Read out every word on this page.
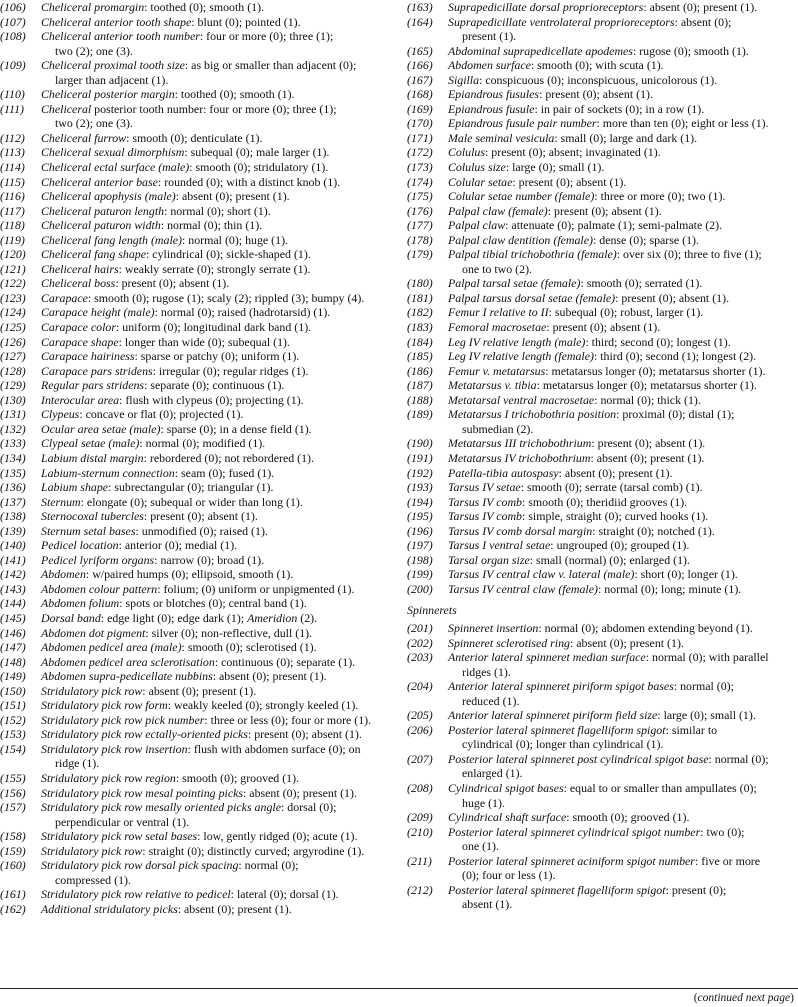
(106) Cheliceral promargin: toothed (0); smooth (1).
(107) Cheliceral anterior tooth shape: blunt (0); pointed (1).
(108) Cheliceral anterior tooth number: four or more (0); three (1);
two (2); one (3).
(109) Cheliceral proximal tooth size: as big or smaller than adjacent (0);
larger than adjacent (1).
(110) Cheliceral posterior margin: toothed (0); smooth (1).
(111) Cheliceral posterior tooth number: four or more (0); three (1);
two (2); one (3).
(112) Cheliceral furrow: smooth (0); denticulate (1).
(113) Cheliceral sexual dimorphism: subequal (0); male larger (1).
(114) Cheliceral ectal surface (male): smooth (0); stridulatory (1).
(115) Cheliceral anterior base: rounded (0); with a distinct knob (1).
(116) Cheliceral apophysis (male): absent (0); present (1).
(117) Cheliceral paturon length: normal (0); short (1).
(118) Cheliceral paturon width: normal (0); thin (1).
(119) Cheliceral fang length (male): normal (0); huge (1).
(120) Cheliceral fang shape: cylindrical (0); sickle-shaped (1).
(121) Cheliceral hairs: weakly serrate (0); strongly serrate (1).
(122) Cheliceral boss: present (0); absent (1).
(123) Carapace: smooth (0); rugose (1); scaly (2); rippled (3); bumpy (4).
(124) Carapace height (male): normal (0); raised (hadrotarsid) (1).
(125) Carapace color: uniform (0); longitudinal dark band (1).
(126) Carapace shape: longer than wide (0); subequal (1).
(127) Carapace hairiness: sparse or patchy (0); uniform (1).
(128) Carapace pars stridens: irregular (0); regular ridges (1).
(129) Regular pars stridens: separate (0); continuous (1).
(130) Interocular area: flush with clypeus (0); projecting (1).
(131) Clypeus: concave or flat (0); projected (1).
(132) Ocular area setae (male): sparse (0); in a dense field (1).
(133) Clypeal setae (male): normal (0); modified (1).
(134) Labium distal margin: rebordered (0); not rebordered (1).
(135) Labium-sternum connection: seam (0); fused (1).
(136) Labium shape: subrectangular (0); triangular (1).
(137) Sternum: elongate (0); subequal or wider than long (1).
(138) Sternocoxal tubercles: present (0); absent (1).
(139) Sternum setal bases: unmodified (0); raised (1).
(140) Pedicel location: anterior (0); medial (1).
(141) Pedicel lyriform organs: narrow (0); broad (1).
(142) Abdomen: w/paired humps (0); ellipsoid, smooth (1).
(143) Abdomen colour pattern: folium; (0) uniform or unpigmented (1).
(144) Abdomen folium: spots or blotches (0); central band (1).
(145) Dorsal band: edge light (0); edge dark (1); Ameridion (2).
(146) Abdomen dot pigment: silver (0); non-reflective, dull (1).
(147) Abdomen pedicel area (male): smooth (0); sclerotised (1).
(148) Abdomen pedicel area sclerotisation: continuous (0); separate (1).
(149) Abdomen supra-pedicellate nubbins: absent (0); present (1).
(150) Stridulatory pick row: absent (0); present (1).
(151) Stridulatory pick row form: weakly keeled (0); strongly keeled (1).
(152) Stridulatory pick row pick number: three or less (0); four or more (1).
(153) Stridulatory pick row ectally-oriented picks: present (0); absent (1).
(154) Stridulatory pick row insertion: flush with abdomen surface (0); on
ridge (1).
(155) Stridulatory pick row region: smooth (0); grooved (1).
(156) Stridulatory pick row mesal pointing picks: absent (0); present (1).
(157) Stridulatory pick row mesally oriented picks angle: dorsal (0);
perpendicular or ventral (1).
(158) Stridulatory pick row setal bases: low, gently ridged (0); acute (1).
(159) Stridulatory pick row: straight (0); distinctly curved; argyrodine (1).
(160) Stridulatory pick row dorsal pick spacing: normal (0);
compressed (1).
(161) Stridulatory pick row relative to pedicel: lateral (0); dorsal (1).
(162) Additional stridulatory picks: absent (0); present (1).
(163) Suprapedicillate dorsal proprioreceptors: absent (0); present (1).
(164) Suprapedicillate ventrolateral proprioreceptors: absent (0);
present (1).
(165) Abdominal suprapedicellate apodemes: rugose (0); smooth (1).
(166) Abdomen surface: smooth (0); with scuta (1).
(167) Sigilla: conspicuous (0); inconspicuous, unicolorous (1).
(168) Epiandrous fusules: present (0); absent (1).
(169) Epiandrous fusule: in pair of sockets (0); in a row (1).
(170) Epiandrous fusule pair number: more than ten (0); eight or less (1).
(171) Male seminal vesicula: small (0); large and dark (1).
(172) Colulus: present (0); absent; invaginated (1).
(173) Colulus size: large (0); small (1).
(174) Colular setae: present (0); absent (1).
(175) Colular setae number (female): three or more (0); two (1).
(176) Palpal claw (female): present (0); absent (1).
(177) Palpal claw: attenuate (0); palmate (1); semi-palmate (2).
(178) Palpal claw dentition (female): dense (0); sparse (1).
(179) Palpal tibial trichobothria (female): over six (0); three to five (1);
one to two (2).
(180) Palpal tarsal setae (female): smooth (0); serrated (1).
(181) Palpal tarsus dorsal setae (female): present (0); absent (1).
(182) Femur I relative to II: subequal (0); robust, larger (1).
(183) Femoral macrosetae: present (0); absent (1).
(184) Leg IV relative length (male): third; second (0); longest (1).
(185) Leg IV relative length (female): third (0); second (1); longest (2).
(186) Femur v. metatarsus: metatarsus longer (0); metatarsus shorter (1).
(187) Metatarsus v. tibia: metatarsus longer (0); metatarsus shorter (1).
(188) Metatarsal ventral macrosetae: normal (0); thick (1).
(189) Metatarsus I trichobothria position: proximal (0); distal (1);
submedian (2).
(190) Metatarsus III trichobothrium: present (0); absent (1).
(191) Metatarsus IV trichobothrium: absent (0); present (1).
(192) Patella-tibia autospasy: absent (0); present (1).
(193) Tarsus IV setae: smooth (0); serrate (tarsal comb) (1).
(194) Tarsus IV comb: smooth (0); theridiid grooves (1).
(195) Tarsus IV comb: simple, straight (0); curved hooks (1).
(196) Tarsus IV comb dorsal margin: straight (0); notched (1).
(197) Tarsus I ventral setae: ungrouped (0); grouped (1).
(198) Tarsal organ size: small (normal) (0); enlarged (1).
(199) Tarsus IV central claw v. lateral (male): short (0); longer (1).
(200) Tarsus IV central claw (female): normal (0); long; minute (1).
Spinnerets
(201) Spinneret insertion: normal (0); abdomen extending beyond (1).
(202) Spinneret sclerotised ring: absent (0); present (1).
(203) Anterior lateral spinneret median surface: normal (0); with parallel
ridges (1).
(204) Anterior lateral spinneret piriform spigot bases: normal (0);
reduced (1).
(205) Anterior lateral spinneret piriform field size: large (0); small (1).
(206) Posterior lateral spinneret flagelliform spigot: similar to
cylindrical (0); longer than cylindrical (1).
(207) Posterior lateral spinneret post cylindrical spigot base: normal (0);
enlarged (1).
(208) Cylindrical spigot bases: equal to or smaller than ampullates (0);
huge (1).
(209) Cylindrical shaft surface: smooth (0); grooved (1).
(210) Posterior lateral spinneret cylindrical spigot number: two (0);
one (1).
(211) Posterior lateral spinneret aciniform spigot number: five or more
(0); four or less (1).
(212) Posterior lateral spinneret flagelliform spigot: present (0);
absent (1).
(continued next page)
